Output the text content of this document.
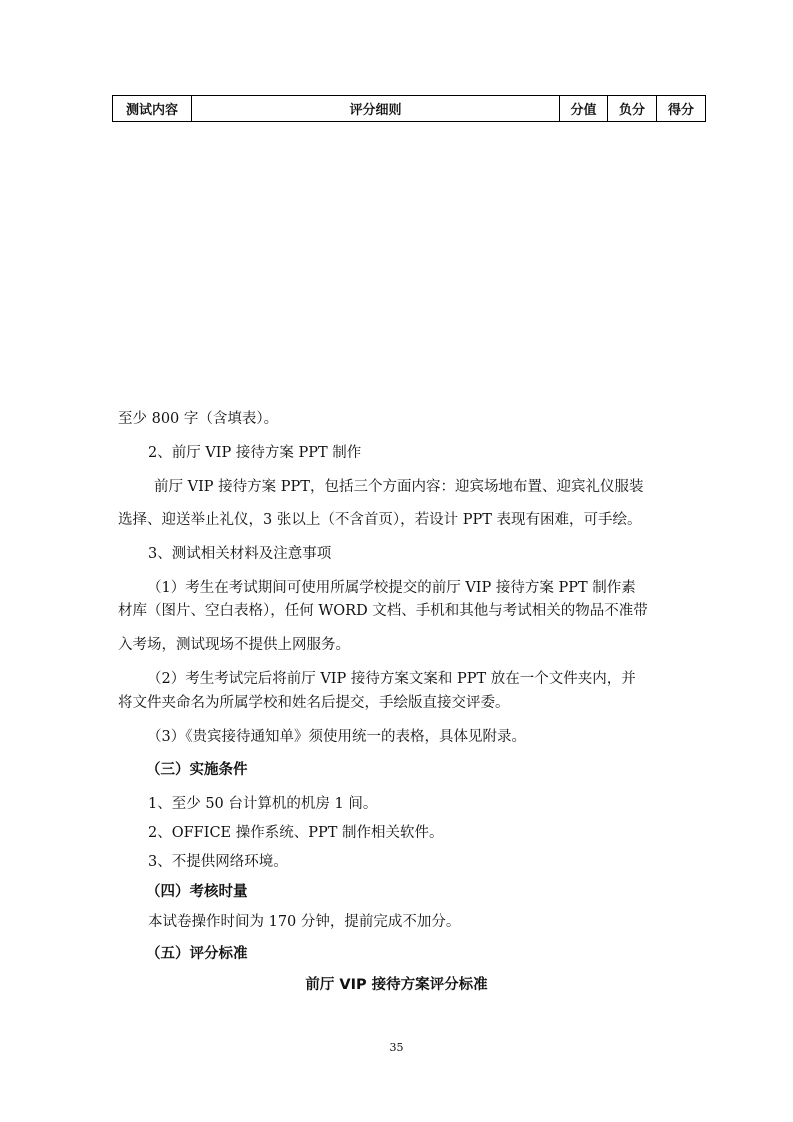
测试内容	评分细则	分值	负分	得分
至少 800 字（含填表）。
2、前厅 VIP 接待方案 PPT 制作
前厅 VIP 接待方案 PPT，包括三个方面内容：迎宾场地布置、迎宾礼仪服装
选择、迎送举止礼仪，3 张以上（不含首页），若设计 PPT 表现有困难，可手绘。
3、测试相关材料及注意事项
（1）考生在考试期间可使用所属学校提交的前厅 VIP 接待方案 PPT 制作素
材库（图片、空白表格），任何 WORD 文档、手机和其他与考试相关的物品不准带
入考场，测试现场不提供上网服务。
（2）考生考试完后将前厅 VIP 接待方案文案和 PPT 放在一个文件夹内，并
将文件夹命名为所属学校和姓名后提交，手绘版直接交评委。
（3）《贵宾接待通知单》须使用统一的表格，具体见附录。
（三）实施条件
1、至少 50 台计算机的机房 1 间。
2、OFFICE 操作系统、PPT 制作相关软件。
3、不提供网络环境。
（四）考核时量
本试卷操作时间为 170 分钟，提前完成不加分。
（五）评分标准
前厅 VIP 接待方案评分标准
35
